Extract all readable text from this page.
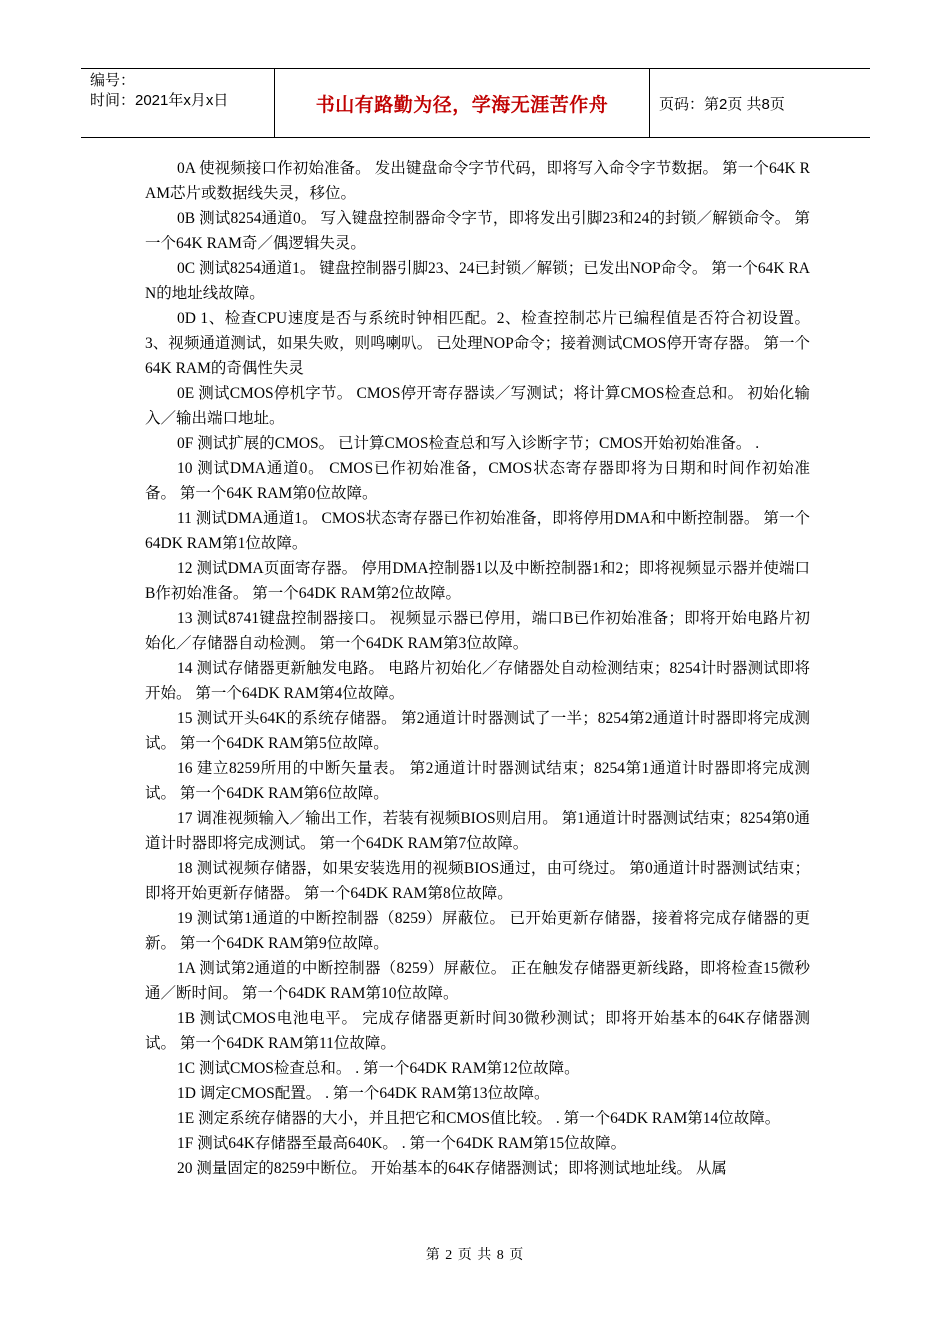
编号：
时间：2021年x月x日	书山有路勤为径，学海无涯苦作舟	页码：第2页 共8页

0A 使视频接口作初始准备。 发出键盘命令字节代码，即将写入命令字节数据。 第一个64K RAM芯片或数据线失灵，移位。

0B 测试8254通道0。 写入键盘控制器命令字节，即将发出引脚23和24的封锁／解锁命令。 第一个64K RAM奇／偶逻辑失灵。

0C 测试8254通道1。 键盘控制器引脚23、24已封锁／解锁；已发出NOP命令。 第一个64K RAN的地址线故障。

0D 1、检查CPU速度是否与系统时钟相匹配。2、检查控制芯片已编程值是否符合初设置。3、视频通道测试，如果失败，则鸣喇叭。 已处理NOP命令；接着测试CMOS停开寄存器。 第一个64K RAM的奇偶性失灵

0E 测试CMOS停机字节。 CMOS停开寄存器读／写测试；将计算CMOS检查总和。 初始化输入／输出端口地址。

0F 测试扩展的CMOS。 已计算CMOS检查总和写入诊断字节；CMOS开始初始准备。 .

10 测试DMA通道0。 CMOS已作初始准备，CMOS状态寄存器即将为日期和时间作初始准备。 第一个64K RAM第0位故障。

11 测试DMA通道1。 CMOS状态寄存器已作初始准备，即将停用DMA和中断控制器。 第一个64DK RAM第1位故障。

12 测试DMA页面寄存器。 停用DMA控制器1以及中断控制器1和2；即将视频显示器并使端口B作初始准备。 第一个64DK RAM第2位故障。

13 测试8741键盘控制器接口。 视频显示器已停用，端口B已作初始准备；即将开始电路片初始化／存储器自动检测。 第一个64DK RAM第3位故障。

14 测试存储器更新触发电路。 电路片初始化／存储器处自动检测结束；8254计时器测试即将开始。 第一个64DK RAM第4位故障。

15 测试开头64K的系统存储器。 第2通道计时器测试了一半；8254第2通道计时器即将完成测试。 第一个64DK RAM第5位故障。

16 建立8259所用的中断矢量表。 第2通道计时器测试结束；8254第1通道计时器即将完成测试。 第一个64DK RAM第6位故障。

17 调准视频输入／输出工作，若装有视频BIOS则启用。 第1通道计时器测试结束；8254第0通道计时器即将完成测试。 第一个64DK RAM第7位故障。

18 测试视频存储器，如果安装选用的视频BIOS通过，由可绕过。 第0通道计时器测试结束；即将开始更新存储器。 第一个64DK RAM第8位故障。

19 测试第1通道的中断控制器（8259）屏蔽位。 已开始更新存储器，接着将完成存储器的更新。 第一个64DK RAM第9位故障。

1A 测试第2通道的中断控制器（8259）屏蔽位。 正在触发存储器更新线路，即将检查15微秒通／断时间。 第一个64DK RAM第10位故障。

1B 测试CMOS电池电平。 完成存储器更新时间30微秒测试；即将开始基本的64K存储器测试。 第一个64DK RAM第11位故障。

1C 测试CMOS检查总和。 . 第一个64DK RAM第12位故障。

1D 调定CMOS配置。 . 第一个64DK RAM第13位故障。

1E 测定系统存储器的大小，并且把它和CMOS值比较。 . 第一个64DK RAM第14位故障。

1F 测试64K存储器至最高640K。 . 第一个64DK RAM第15位故障。

20 测量固定的8259中断位。 开始基本的64K存储器测试；即将测试地址线。 从属

第 2 页 共 8 页
